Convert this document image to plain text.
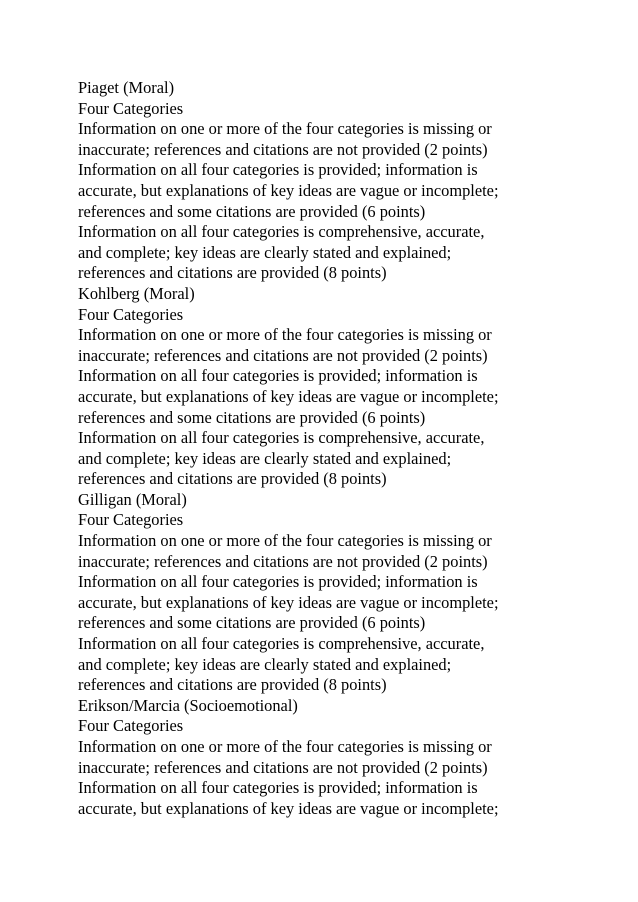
Piaget (Moral)

Four Categories

Information on one or more of the four categories is missing or

inaccurate; references and citations are not provided (2 points)

Information on all four categories is provided; information is

accurate, but explanations of key ideas are vague or incomplete;

references and some citations are provided (6 points)

Information on all four categories is comprehensive, accurate,

and complete; key ideas are clearly stated and explained;

references and citations are provided (8 points)

Kohlberg (Moral)

Four Categories

Information on one or more of the four categories is missing or

inaccurate; references and citations are not provided (2 points)

Information on all four categories is provided; information is

accurate, but explanations of key ideas are vague or incomplete;

references and some citations are provided (6 points)

Information on all four categories is comprehensive, accurate,

and complete; key ideas are clearly stated and explained;

references and citations are provided (8 points)

Gilligan (Moral)

Four Categories

Information on one or more of the four categories is missing or

inaccurate; references and citations are not provided (2 points)

Information on all four categories is provided; information is

accurate, but explanations of key ideas are vague or incomplete;

references and some citations are provided (6 points)

Information on all four categories is comprehensive, accurate,

and complete; key ideas are clearly stated and explained;

references and citations are provided (8 points)

Erikson/Marcia (Socioemotional)

Four Categories

Information on one or more of the four categories is missing or

inaccurate; references and citations are not provided (2 points)

Information on all four categories is provided; information is

accurate, but explanations of key ideas are vague or incomplete;
